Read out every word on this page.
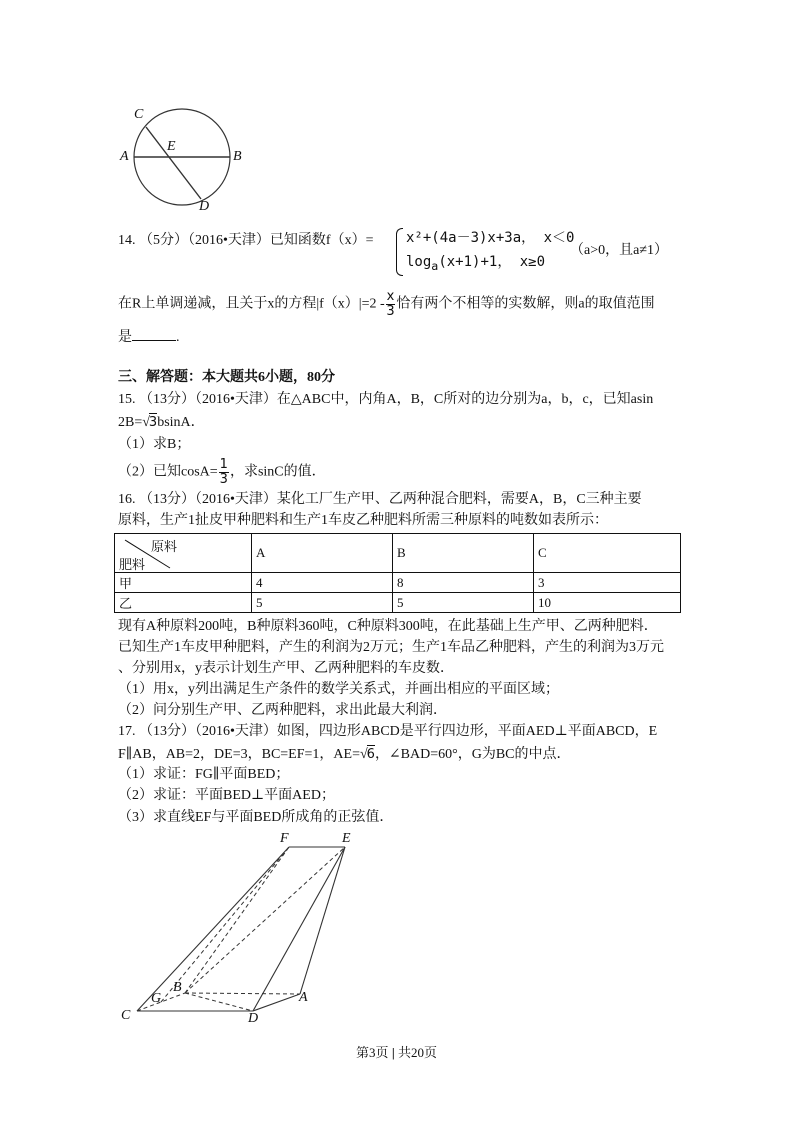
C
E
A	B
D
14. （5分）（2016•天津）已知函数f（x）= x²+(4a－3)x+3a， x＜0
$\log_a(x+1)+1$， x≥0
（a>0，且a≠1）
在R上单调递减，且关于x的方程$|f(x)|=2 - \frac{x}{3}$ 恰有两个不相等的实数解，则a的取值范围
是	.
三、解答题：本大题共6小题，80分
15. （13分）（2016•天津）在△ABC中，内角A，B，C所对的边分别为a，b，c，已知asin
2B=√3bsinA．
（1）求B；
（2）已知$\cos A= \frac{1}{3}$ ，求sinC的值．
16. （13分）（2016•天津）某化工厂生产甲、乙两种混合肥料，需要A，B，C三种主要
原料，生产1扯皮甲种肥料和生产1车皮乙种肥料所需三种原料的吨数如表所示：
原料
肥料	A	B	C
甲	4	8	3
乙	5	5	10
现有A种原料200吨，B种原料360吨，C种原料300吨，在此基础上生产甲、乙两种肥料．
已知生产1车皮甲种肥料，产生的利润为2万元；生产1车品乙种肥料，产生的利润为3万元
、分别用x，y表示计划生产甲、乙两种肥料的车皮数．
（1）用x，y列出满足生产条件的数学关系式，并画出相应的平面区域；
（2）问分别生产甲、乙两种肥料，求出此最大利润．
17. （13分）（2016•天津）如图，四边形ABCD是平行四边形，平面AED⊥平面ABCD，E
F∥AB，AB=2，DE=3，BC=EF=1，AE=√6，∠BAD=60°，G为BC的中点．
（1）求证：FG∥平面BED；
（2）求证：平面BED⊥平面AED；
（3）求直线EF与平面BED所成角的正弦值．
F	E
B
G	A
C	D
第3页 | 共20页
